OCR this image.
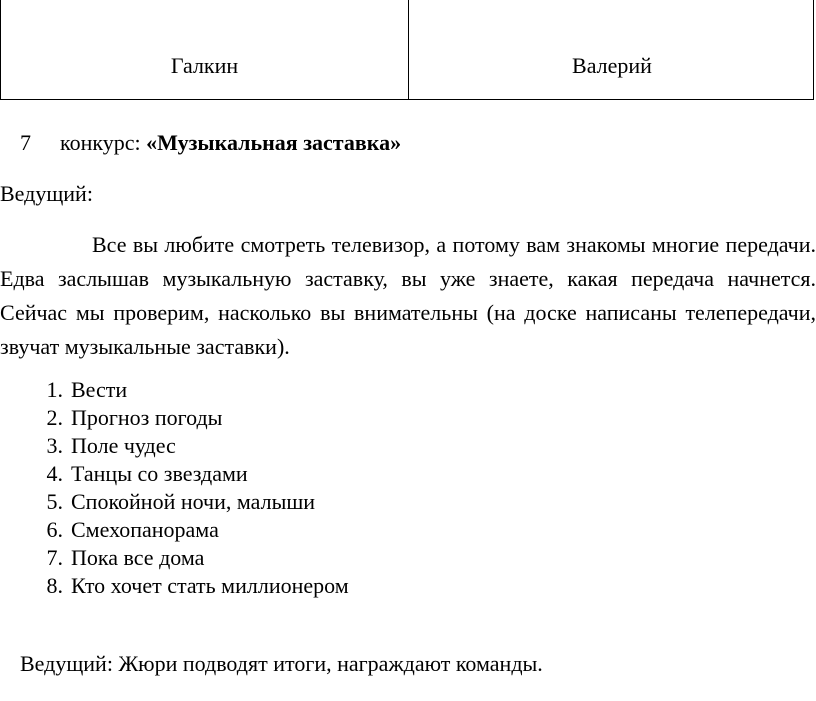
Галкин	Валерий
7 конкурс: «Музыкальная заставка»
Ведущий:
Все вы любите смотреть телевизор, а потому вам знакомы многие передачи. Едва заслышав музыкальную заставку, вы уже знаете, какая передача начнется. Сейчас мы проверим, насколько вы внимательны (на доске написаны телепередачи, звучат музыкальные заставки).
1. Вести
2. Прогноз погоды
3. Поле чудес
4. Танцы со звездами
5. Спокойной ночи, малыши
6. Смехопанорама
7. Пока все дома
8. Кто хочет стать миллионером
Ведущий: Жюри подводят итоги, награждают команды.
